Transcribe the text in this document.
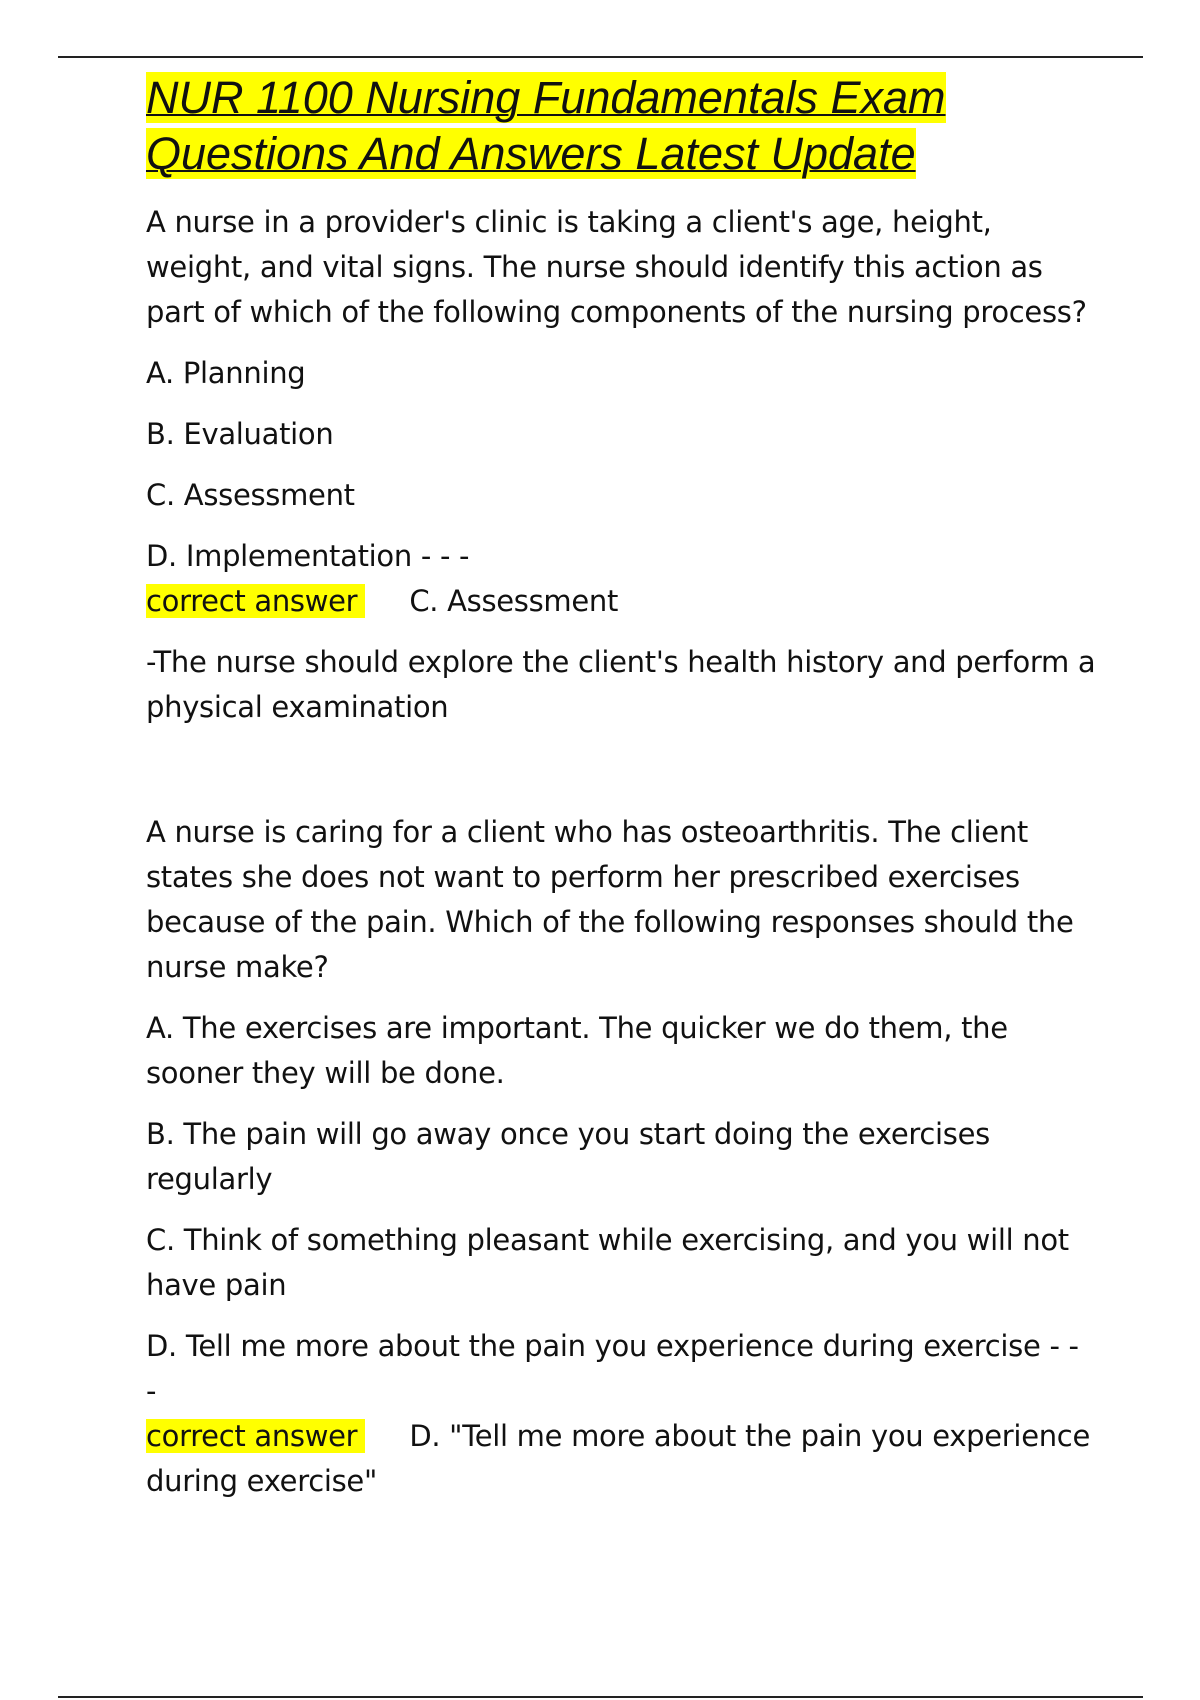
NUR 1100 Nursing Fundamentals Exam Questions And Answers Latest Update

A nurse in a provider's clinic is taking a client's age, height, weight, and vital signs. The nurse should identify this action as part of which of the following components of the nursing process?

A. Planning

B. Evaluation

C. Assessment

D. Implementation - - -

correct answer C. Assessment

-The nurse should explore the client's health history and perform a physical examination

A nurse is caring for a client who has osteoarthritis. The client states she does not want to perform her prescribed exercises because of the pain. Which of the following responses should the nurse make?

A. The exercises are important. The quicker we do them, the sooner they will be done.

B. The pain will go away once you start doing the exercises regularly

C. Think of something pleasant while exercising, and you will not have pain

D. Tell me more about the pain you experience during exercise - - -

correct answer D. "Tell me more about the pain you experience during exercise"
